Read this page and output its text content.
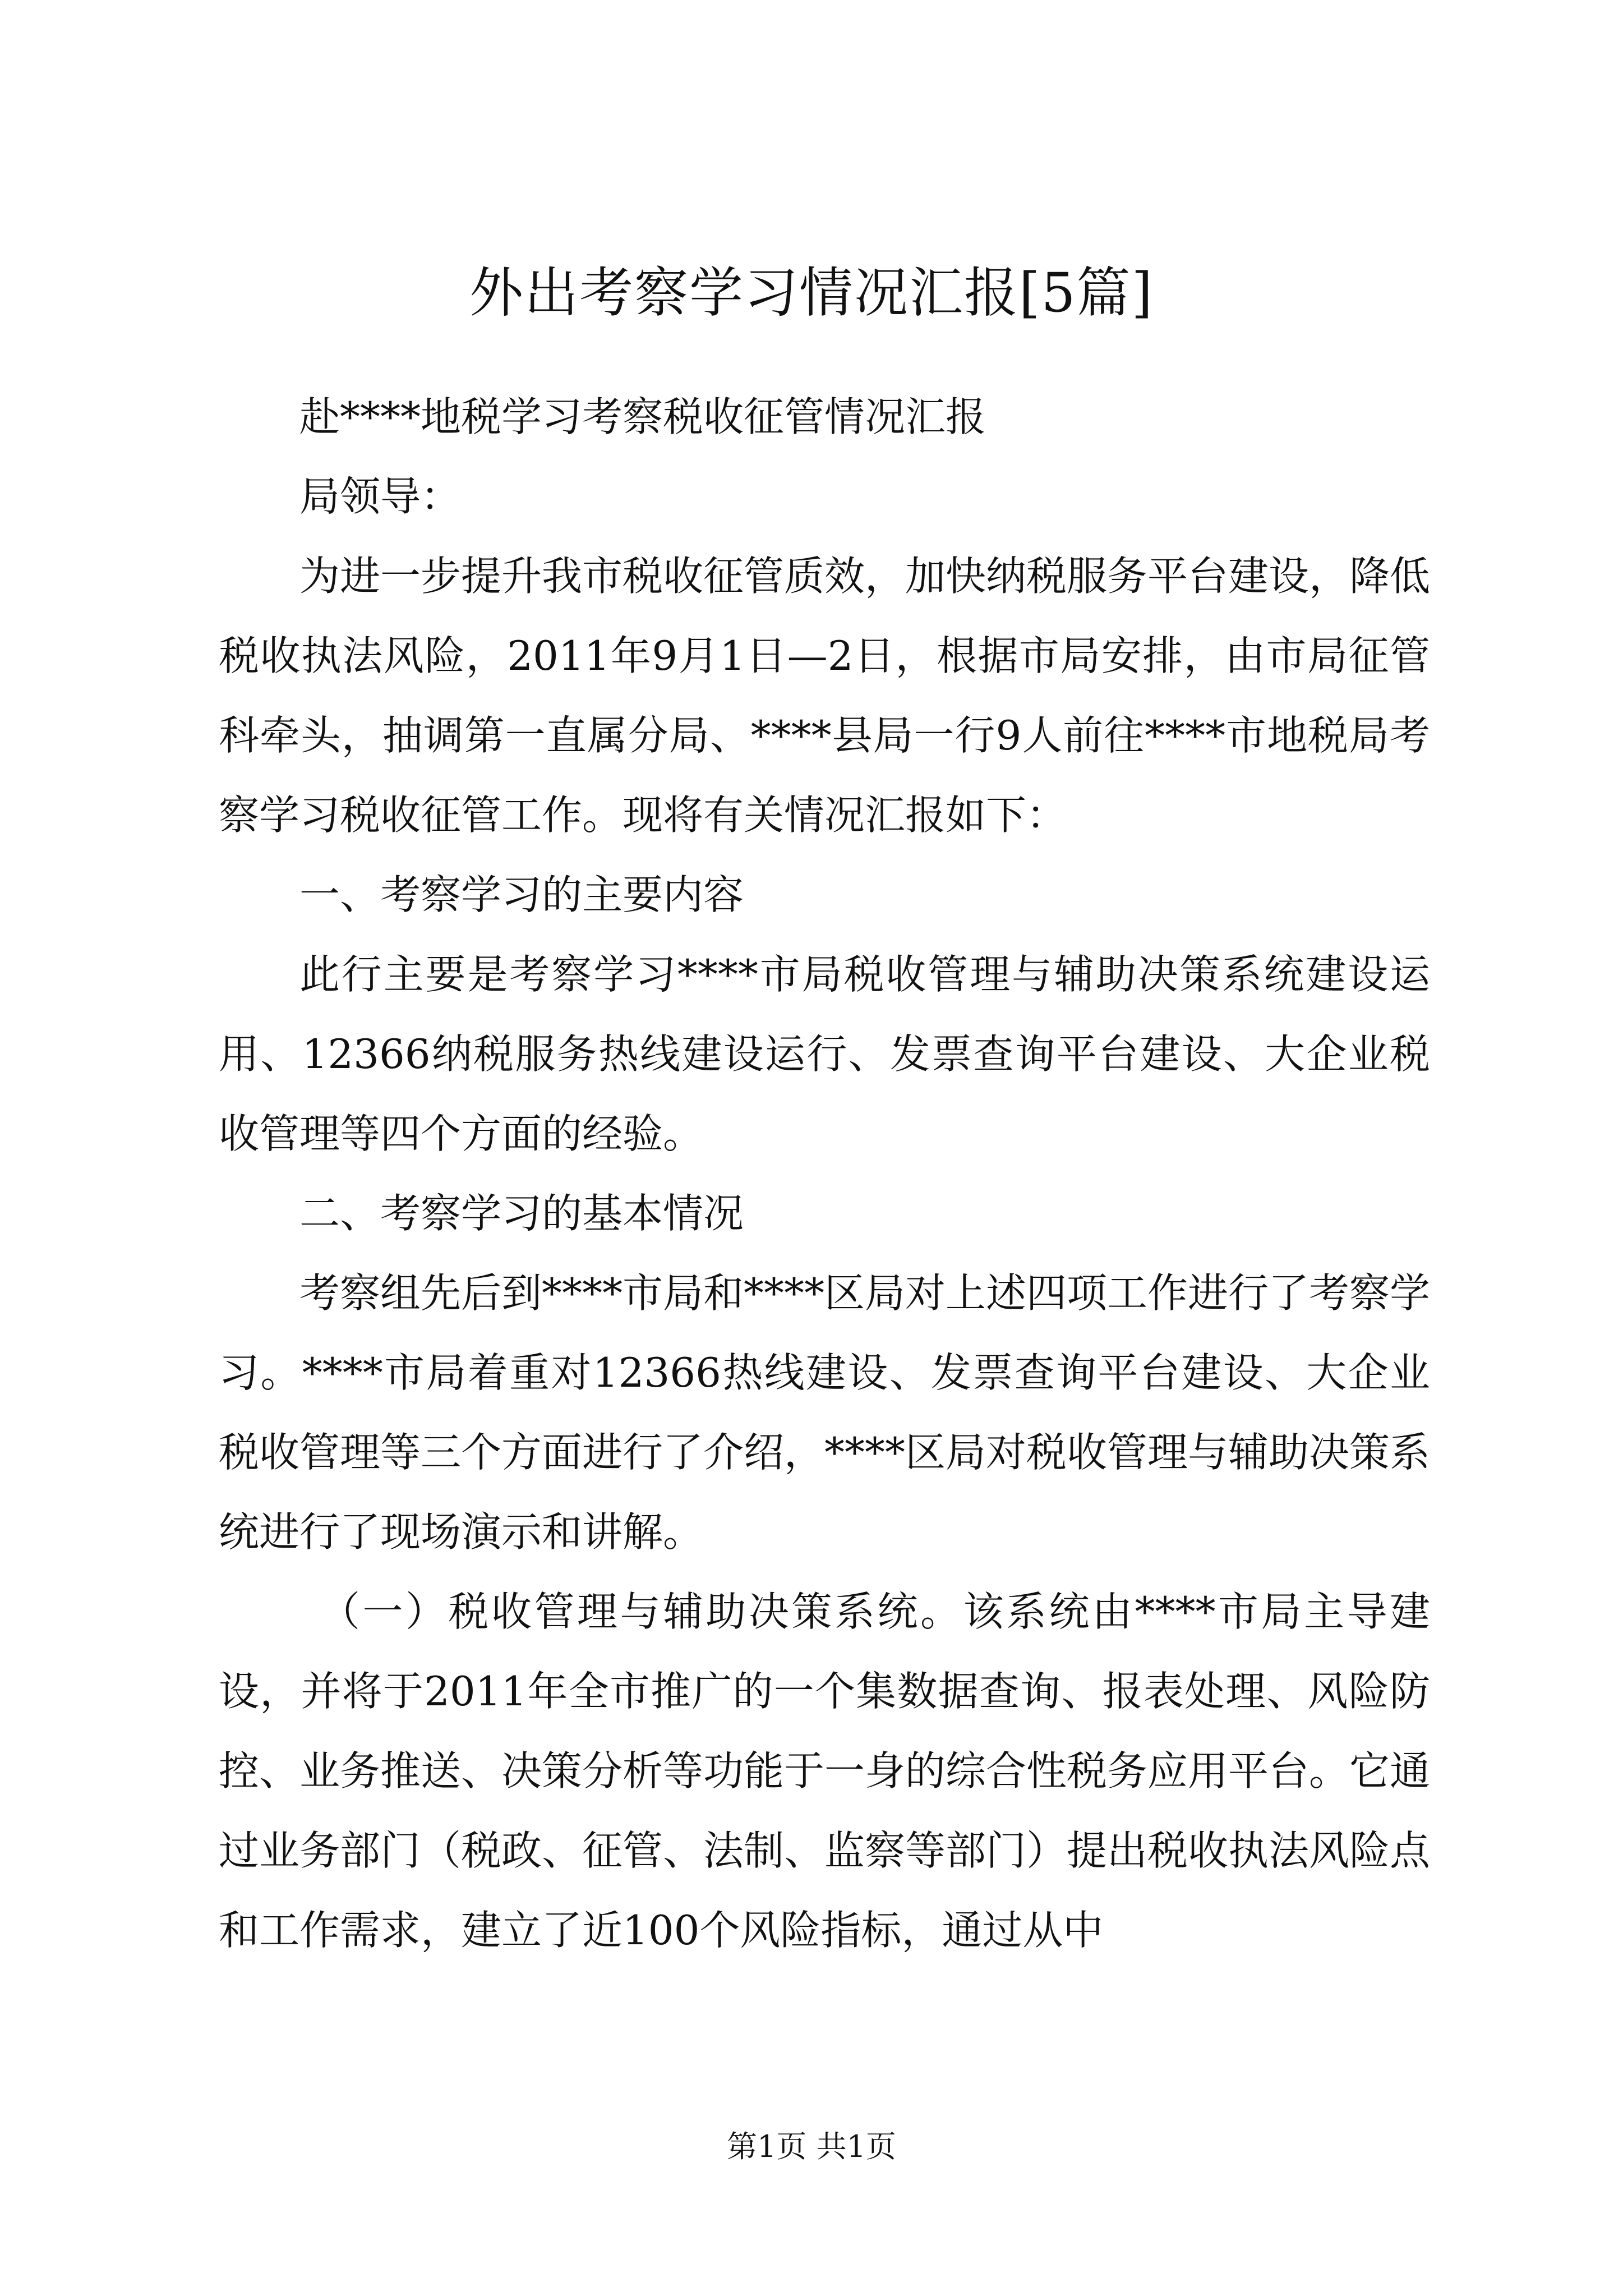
外出考察学习情况汇报[5篇]

赴****地税学习考察税收征管情况汇报

局领导：

为进一步提升我市税收征管质效，加快纳税服务平台建设，降低税收执法风险，2011年9月1日—2日，根据市局安排，由市局征管科牵头，抽调第一直属分局、****县局一行9人前往****市地税局考察学习税收征管工作。现将有关情况汇报如下：

一、考察学习的主要内容

此行主要是考察学习****市局税收管理与辅助决策系统建设运用、12366纳税服务热线建设运行、发票查询平台建设、大企业税收管理等四个方面的经验。

二、考察学习的基本情况

考察组先后到****市局和****区局对上述四项工作进行了考察学习。****市局着重对12366热线建设、发票查询平台建设、大企业税收管理等三个方面进行了介绍，****区局对税收管理与辅助决策系统进行了现场演示和讲解。

（一）税收管理与辅助决策系统。该系统由****市局主导建设，并将于2011年全市推广的一个集数据查询、报表处理、风险防控、业务推送、决策分析等功能于一身的综合性税务应用平台。它通过业务部门（税政、征管、法制、监察等部门）提出税收执法风险点和工作需求，建立了近100个风险指标，通过从中

第1页 共1页
